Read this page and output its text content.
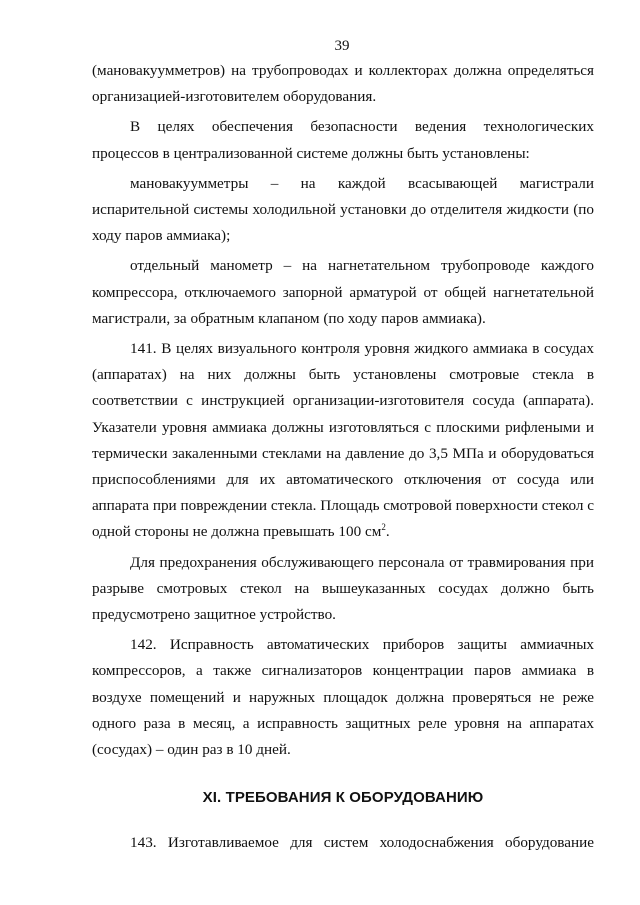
39

(мановакуумметров) на трубопроводах и коллекторах должна определяться организацией-изготовителем оборудования.

В целях обеспечения безопасности ведения технологических процессов в централизованной системе должны быть установлены:

мановакуумметры – на каждой всасывающей магистрали испарительной системы холодильной установки до отделителя жидкости (по ходу паров аммиака);

отдельный манометр – на нагнетательном трубопроводе каждого компрессора, отключаемого запорной арматурой от общей нагнетательной магистрали, за обратным клапаном (по ходу паров аммиака).

141. В целях визуального контроля уровня жидкого аммиака в сосудах (аппаратах) на них должны быть установлены смотровые стекла в соответствии с инструкцией организации-изготовителя сосуда (аппарата). Указатели уровня аммиака должны изготовляться с плоскими рифлеными и термически закаленными стеклами на давление до 3,5 МПа и оборудоваться приспособлениями для их автоматического отключения от сосуда или аппарата при повреждении стекла. Площадь смотровой поверхности стекол с одной стороны не должна превышать 100 $см^2$.

Для предохранения обслуживающего персонала от травмирования при разрыве смотровых стекол на вышеуказанных сосудах должно быть предусмотрено защитное устройство.

142. Исправность автоматических приборов защиты аммиачных компрессоров, а также сигнализаторов концентрации паров аммиака в воздухе помещений и наружных площадок должна проверяться не реже одного раза в месяц, а исправность защитных реле уровня на аппаратах (сосудах) – один раз в 10 дней.

XI. ТРЕБОВАНИЯ К ОБОРУДОВАНИЮ

143. Изготавливаемое для систем холодоснабжения оборудование
